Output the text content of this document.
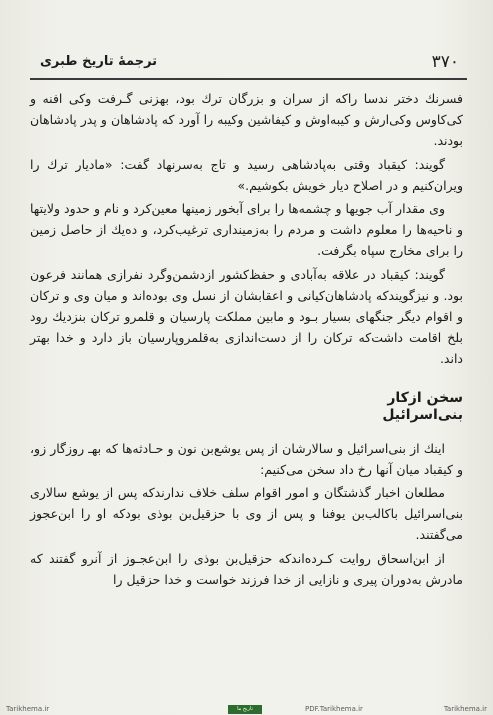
۳۷۰
ترجمهٔ تاریخ طبری

فسرنك دختر ندسا راكه از سران و بزرگان ترك بود، بهزنی گـرفت وكی افنه و كی‌كاوس وكی‌ارش و كیبه‌اوش و كیفاشین وكیبه را آورد كه پادشاهان و پدر پادشاهان بودند.

گویند: كیقباد وقتی به‌پادشاهی رسید و تاج به‌سرنهاد گفت: «مادیار ترك را ویران‌كنیم و در اصلاح دیار خویش بكوشیم.»

وی مقدار آب جویها و چشمه‌ها را برای آبخور زمینها معین‌كرد و نام و حدود ولایتها و ناحیه‌ها را معلوم داشت و مردم را به‌زمینداری ترغیب‌كرد، و ده‌یك از حاصل زمین را برای مخارج سپاه بگرفت.

گویند: كیقباد در علاقه به‌آبادی و حفظ‌كشور ازدشمن‌وگرد نفرازی همانند فرعون بود. و نیزگویندكه پادشاهان‌كیانی و اعقابشان از نسل وی بوده‌اند و میان وی و تركان و اقوام دیگر جنگهای بسیار بـود و مابین مملكت پارسیان و قلمرو تركان بنزدیك رود بلخ اقامت داشت‌كه تركان را از دست‌اندازی به‌قلمروپارسیان باز دارد و خدا بهتر داند.

سخن ازكار
بنی‌اسرائیل

اینك از بنی‌اسرائیل و سالارشان از پس یوشع‌بن نون و حـادثه‌ها كه بهـ روزگار زو، و كیقباد میان آنها رخ داد سخن می‌كنیم:

مطلعان اخبار گذشتگان و امور اقوام سلف خلاف ندارندكه پس از یوشع سالاری بنی‌اسرائیل باكالب‌بن یوفنا و پس از وی با حزقیل‌بن بوذی بودكه او را ابن‌عجوز می‌گفتند.

از ابن‌اسحاق روایت كـرده‌اندكه حزقیل‌بن بوذی را ابن‌عجـوز از آنرو گفتند كه مادرش به‌دوران پیری و نازایی از خدا فرزند خواست و خدا حزقیل را

Tarikhema.ir	تاریخ ما	PDF.Tarikhema.ir	Tarikhema.ir
